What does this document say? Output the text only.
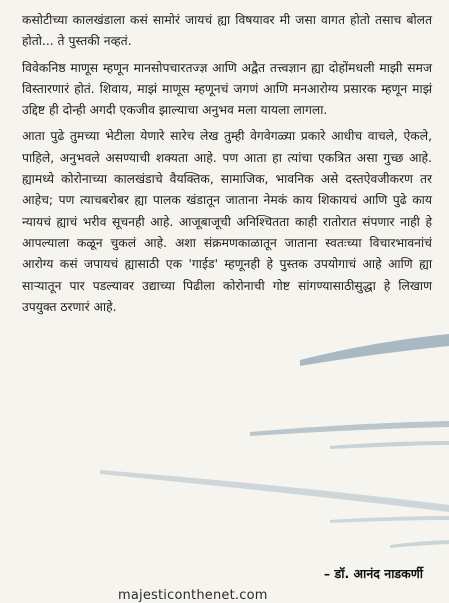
कसोटीच्या कालखंडाला कसं सामोरं जायचं ह्या विषयावर मी जसा वागत होतो तसाच बोलत होतो... ते पुस्तकी नव्हतं.

विवेकनिष्ठ माणूस म्हणून मानसोपचारतज्ज्ञ आणि अद्वैत तत्त्वज्ञान ह्या दोहोंमधली माझी समज विस्तारणारं होतं. शिवाय, माझं माणूस म्हणूनचं जगणं आणि मनआरोग्य प्रसारक म्हणून माझं उद्दिष्ट ही दोन्ही अगदी एकजीव झाल्याचा अनुभव मला यायला लागला.

आता पुढे तुमच्या भेटीला येणारे सारेच लेख तुम्ही वेगवेगळ्या प्रकारे आधीच वाचले, ऐकले, पाहिले, अनुभवले असण्याची शक्यता आहे. पण आता हा त्यांचा एकत्रित असा गुच्छ आहे. ह्यामध्ये कोरोनाच्या कालखंडाचे वैयक्तिक, सामाजिक, भावनिक असे दस्तऐवजीकरण तर आहेच; पण त्याचबरोबर ह्या पालक खंडातून जाताना नेमकं काय शिकायचं आणि पुढे काय न्यायचं ह्याचं भरीव सूचनही आहे. आजूबाजूची अनिश्चितता काही रातोरात संपणार नाही हे आपल्याला कळून चुकलं आहे. अशा संक्रमणकाळातून जाताना स्वतःच्या विचारभावनांचं आरोग्य कसं जपायचं ह्यासाठी एक 'गाईड' म्हणूनही हे पुस्तक उपयोगाचं आहे आणि ह्या साऱ्यातून पार पडल्यावर उद्याच्या पिढीला कोरोनाची गोष्ट सांगण्यासाठीसुद्धा हे लिखाण उपयुक्त ठरणारं आहे.

– डॉ. आनंद नाडकर्णी
majesticonthenet.com
